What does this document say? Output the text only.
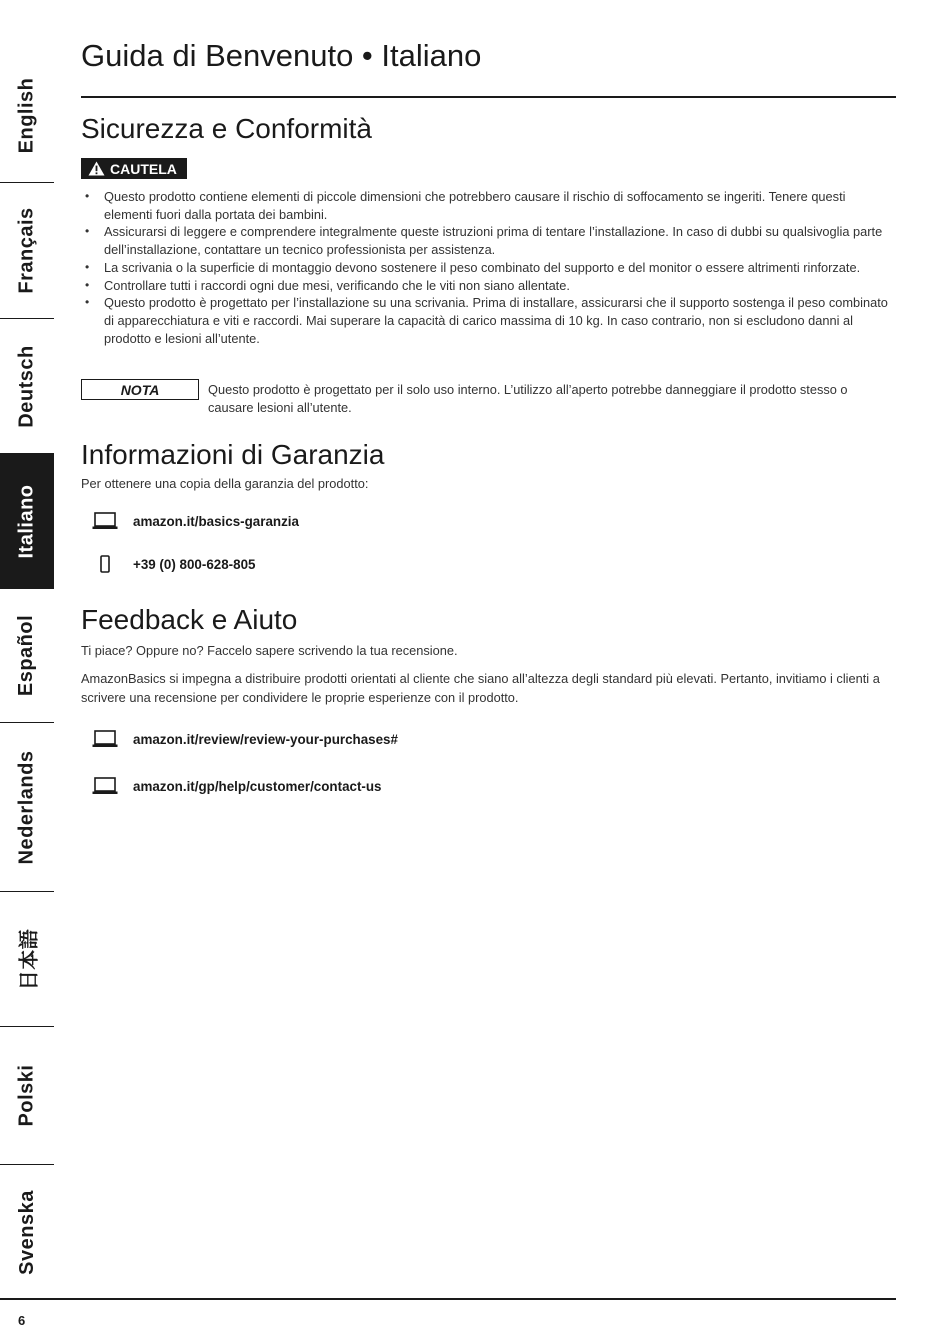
English
Français
Deutsch
Italiano
Español
Nederlands
日本語
Polski
Svenska
Guida di Benvenuto • Italiano
Sicurezza e Conformità
CAUTELA
• Questo prodotto contiene elementi di piccole dimensioni che potrebbero causare il rischio di soffocamento se ingeriti. Tenere questi elementi fuori dalla portata dei bambini.
• Assicurarsi di leggere e comprendere integralmente queste istruzioni prima di tentare l’installazione. In caso di dubbi su qualsivoglia parte dell’installazione, contattare un tecnico professionista per assistenza.
• La scrivania o la superficie di montaggio devono sostenere il peso combinato del supporto e del monitor o essere altrimenti rinforzate.
• Controllare tutti i raccordi ogni due mesi, verificando che le viti non siano allentate.
• Questo prodotto è progettato per l’installazione su una scrivania. Prima di installare, assicurarsi che il supporto sostenga il peso combinato di apparecchiatura e viti e raccordi. Mai superare la capacità di carico massima di 10 kg. In caso contrario, non si escludono danni al prodotto e lesioni all’utente.
NOTA	Questo prodotto è progettato per il solo uso interno. L’utilizzo all’aperto potrebbe danneggiare il prodotto stesso o causare lesioni all’utente.

Informazioni di Garanzia

Per ottenere una copia della garanzia del prodotto:

amazon.it/basics-garanzia
+39 (0) 800-628-805
Feedback e Aiuto

Ti piace? Oppure no? Faccelo sapere scrivendo la tua recensione.

AmazonBasics si impegna a distribuire prodotti orientati al cliente che siano all’altezza degli standard più elevati. Pertanto, invitiamo i clienti a scrivere una recensione per condividere le proprie esperienze con il prodotto.

amazon.it/review/review-your-purchases#
amazon.it/gp/help/customer/contact-us
6
